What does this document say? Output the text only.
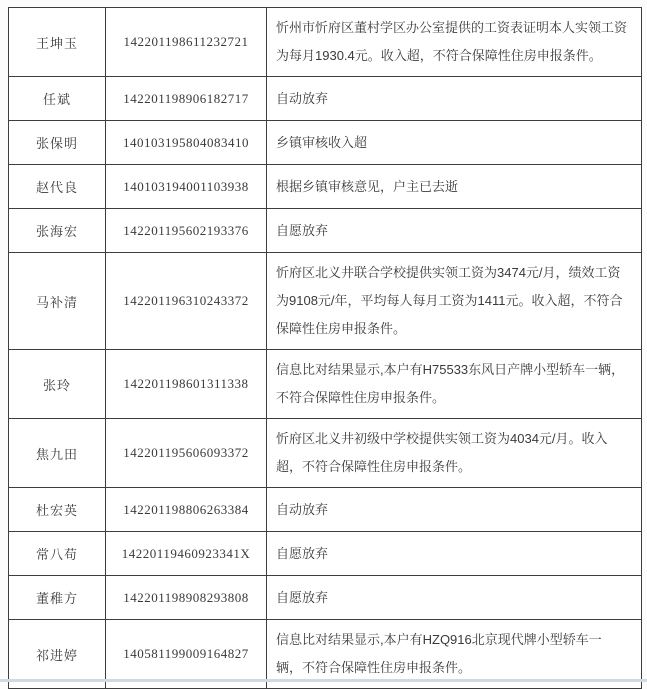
王坤玉	142201198611232721	忻州市忻府区董村学区办公室提供的工资表证明本人实领工资为每月1930.4元。收入超，不符合保障性住房申报条件。
任斌	142201198906182717	自动放弃
张保明	140103195804083410	乡镇审核收入超
赵代良	140103194001103938	根据乡镇审核意见，户主已去逝
张海宏	142201195602193376	自愿放弃
马补清	142201196310243372	忻府区北义井联合学校提供实领工资为3474元/月，绩效工资为9108元/年，平均每人每月工资为1411元。收入超，不符合保障性住房申报条件。
张玲	142201198601311338	信息比对结果显示,本户有H75533东风日产牌小型轿车一辆，不符合保障性住房申报条件。
焦九田	142201195606093372	忻府区北义井初级中学校提供实领工资为4034元/月。收入超，不符合保障性住房申报条件。
杜宏英	142201198806263384	自动放弃
常八苟	14220119460923341X	自愿放弃
董稚方	142201198908293808	自愿放弃
祁进婷	140581199009164827	信息比对结果显示,本户有HZQ916北京现代牌小型轿车一辆，不符合保障性住房申报条件。
